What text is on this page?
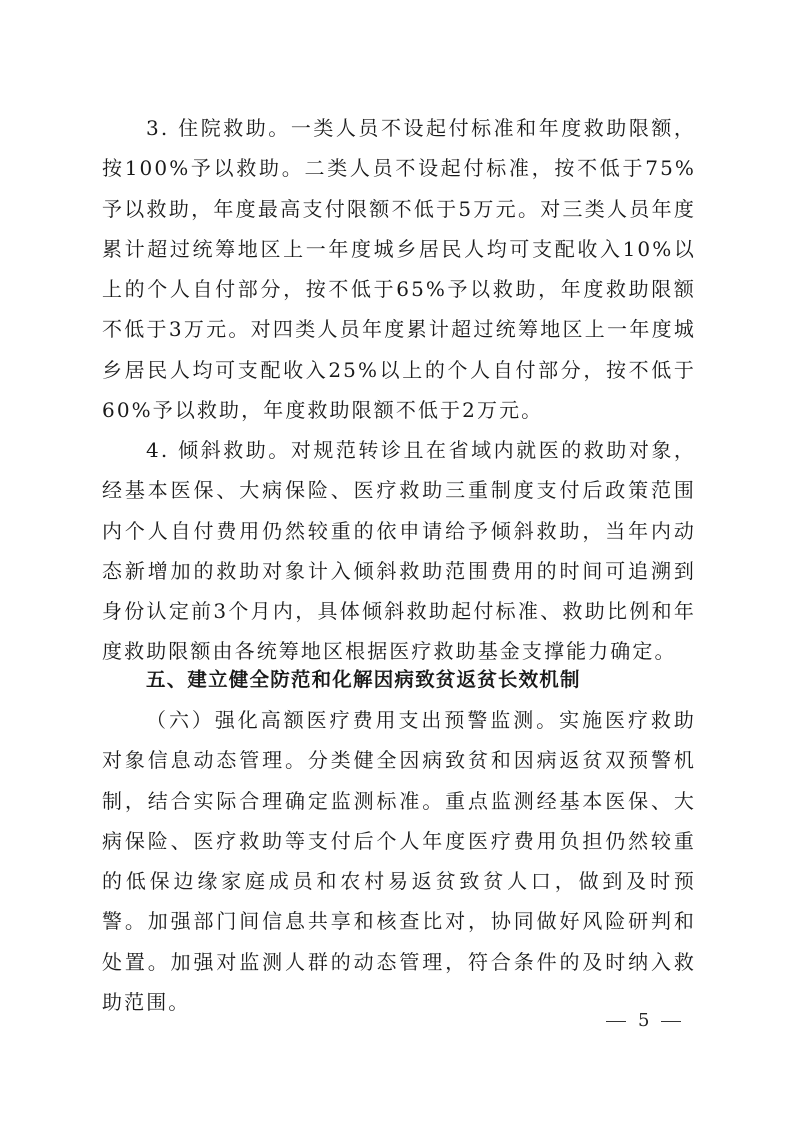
3. 住院救助。一类人员不设起付标准和年度救助限额，按100%予以救助。二类人员不设起付标准，按不低于75%予以救助，年度最高支付限额不低于5万元。对三类人员年度累计超过统筹地区上一年度城乡居民人均可支配收入10%以上的个人自付部分，按不低于65%予以救助，年度救助限额不低于3万元。对四类人员年度累计超过统筹地区上一年度城乡居民人均可支配收入25%以上的个人自付部分，按不低于60%予以救助，年度救助限额不低于2万元。

4. 倾斜救助。对规范转诊且在省域内就医的救助对象，经基本医保、大病保险、医疗救助三重制度支付后政策范围内个人自付费用仍然较重的依申请给予倾斜救助，当年内动态新增加的救助对象计入倾斜救助范围费用的时间可追溯到身份认定前3个月内，具体倾斜救助起付标准、救助比例和年度救助限额由各统筹地区根据医疗救助基金支撑能力确定。

五、建立健全防范和化解因病致贫返贫长效机制

（六）强化高额医疗费用支出预警监测。实施医疗救助对象信息动态管理。分类健全因病致贫和因病返贫双预警机制，结合实际合理确定监测标准。重点监测经基本医保、大病保险、医疗救助等支付后个人年度医疗费用负担仍然较重的低保边缘家庭成员和农村易返贫致贫人口，做到及时预警。加强部门间信息共享和核查比对，协同做好风险研判和处置。加强对监测人群的动态管理，符合条件的及时纳入救助范围。

5
